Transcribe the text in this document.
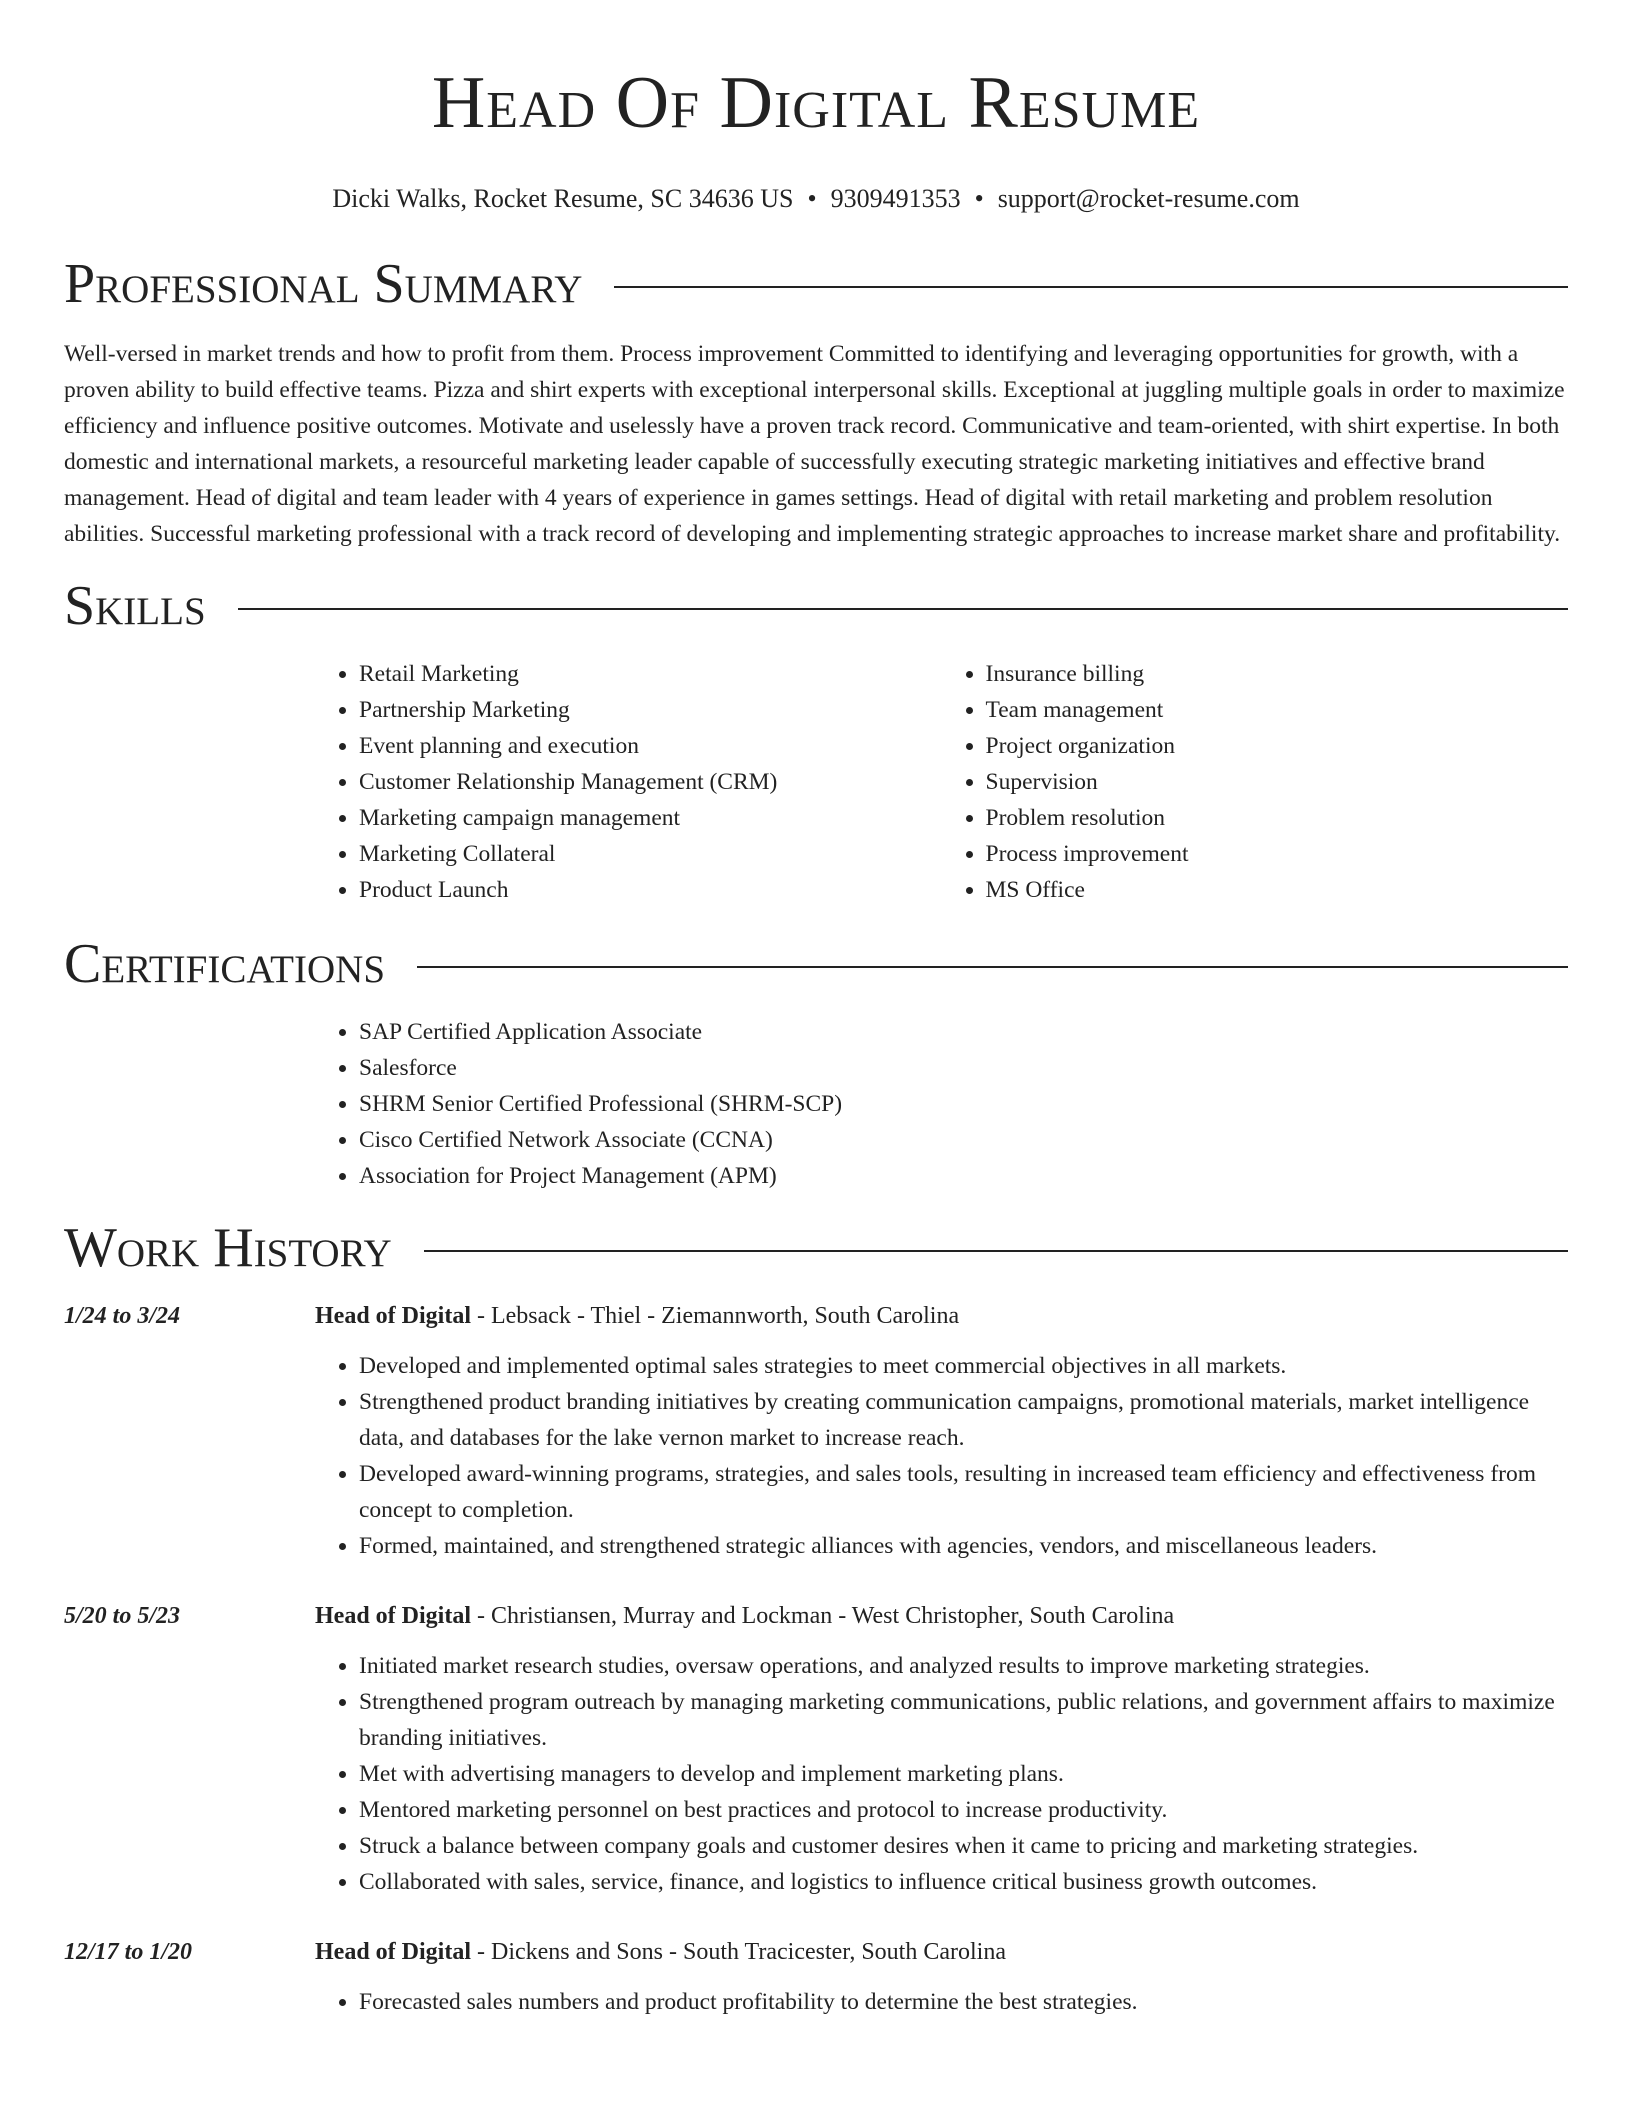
Head Of Digital Resume
Dicki Walks, Rocket Resume, SC 34636 US • 9309491353 • support@rocket-resume.com
Professional Summary

Well-versed in market trends and how to profit from them. Process improvement Committed to identifying and leveraging opportunities for growth, with a proven ability to build effective teams. Pizza and shirt experts with exceptional interpersonal skills. Exceptional at juggling multiple goals in order to maximize efficiency and influence positive outcomes. Motivate and uselessly have a proven track record. Communicative and team-oriented, with shirt expertise. In both domestic and international markets, a resourceful marketing leader capable of successfully executing strategic marketing initiatives and effective brand management. Head of digital and team leader with 4 years of experience in games settings. Head of digital with retail marketing and problem resolution abilities. Successful marketing professional with a track record of developing and implementing strategic approaches to increase market share and profitability.

Skills
• Retail Marketing
• Partnership Marketing
• Event planning and execution
• Customer Relationship Management (CRM)
• Marketing campaign management
• Marketing Collateral
• Product Launch
• Insurance billing
• Team management
• Project organization
• Supervision
• Problem resolution
• Process improvement
• MS Office
Certifications
• SAP Certified Application Associate
• Salesforce
• SHRM Senior Certified Professional (SHRM-SCP)
• Cisco Certified Network Associate (CCNA)
• Association for Project Management (APM)
Work History
1/24 to 3/24	Head of Digital - Lebsack - Thiel - Ziemannworth, South Carolina
• Developed and implemented optimal sales strategies to meet commercial objectives in all markets.
• Strengthened product branding initiatives by creating communication campaigns, promotional materials, market intelligence data, and databases for the lake vernon market to increase reach.
• Developed award-winning programs, strategies, and sales tools, resulting in increased team efficiency and effectiveness from concept to completion.
• Formed, maintained, and strengthened strategic alliances with agencies, vendors, and miscellaneous leaders.
5/20 to 5/23	Head of Digital - Christiansen, Murray and Lockman - West Christopher, South Carolina
• Initiated market research studies, oversaw operations, and analyzed results to improve marketing strategies.
• Strengthened program outreach by managing marketing communications, public relations, and government affairs to maximize branding initiatives.
• Met with advertising managers to develop and implement marketing plans.
• Mentored marketing personnel on best practices and protocol to increase productivity.
• Struck a balance between company goals and customer desires when it came to pricing and marketing strategies.
• Collaborated with sales, service, finance, and logistics to influence critical business growth outcomes.
12/17 to 1/20	Head of Digital - Dickens and Sons - South Tracicester, South Carolina
• Forecasted sales numbers and product profitability to determine the best strategies.
